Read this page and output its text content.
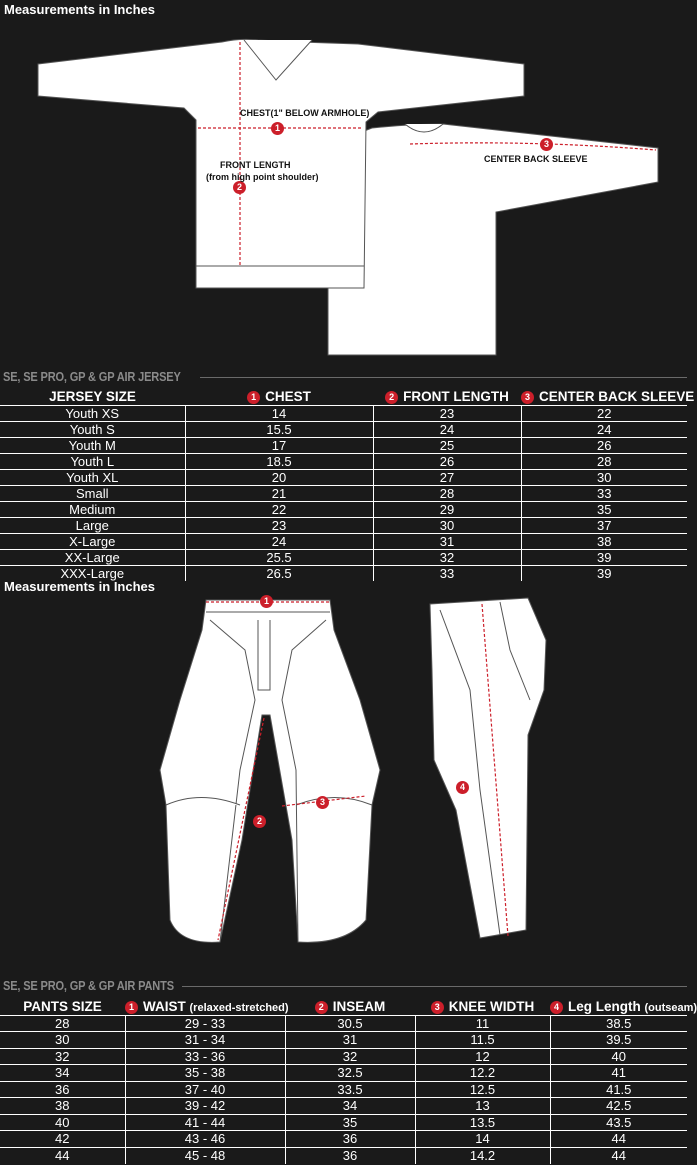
Measurements in Inches
1
2
3
CHEST(1" BELOW ARMHOLE)
FRONT LENGTH
(from high point shoulder)
CENTER BACK SLEEVE
SE, SE PRO, GP & GP AIR JERSEY
JERSEY SIZE	1 CHEST	2 FRONT LENGTH	3 CENTER BACK SLEEVE
Youth XS	14	23	22
Youth S	15.5	24	24
Youth M	17	25	26
Youth L	18.5	26	28
Youth XL	20	27	30
Small	21	28	33
Medium	22	29	35
Large	23	30	37
X-Large	24	31	38
XX-Large	25.5	32	39
XXX-Large	26.5	33	39
Measurements in Inches
1
2
3
4
SE, SE PRO, GP & GP AIR PANTS
PANTS SIZE	1 WAIST (relaxed-stretched)	2 INSEAM	3 KNEE WIDTH	4 Leg Length (outseam)
28	29 - 33	30.5	11	38.5
30	31 - 34	31	11.5	39.5
32	33 - 36	32	12	40
34	35 - 38	32.5	12.2	41
36	37 - 40	33.5	12.5	41.5
38	39 - 42	34	13	42.5
40	41 - 44	35	13.5	43.5
42	43 - 46	36	14	44
44	45 - 48	36	14.2	44
